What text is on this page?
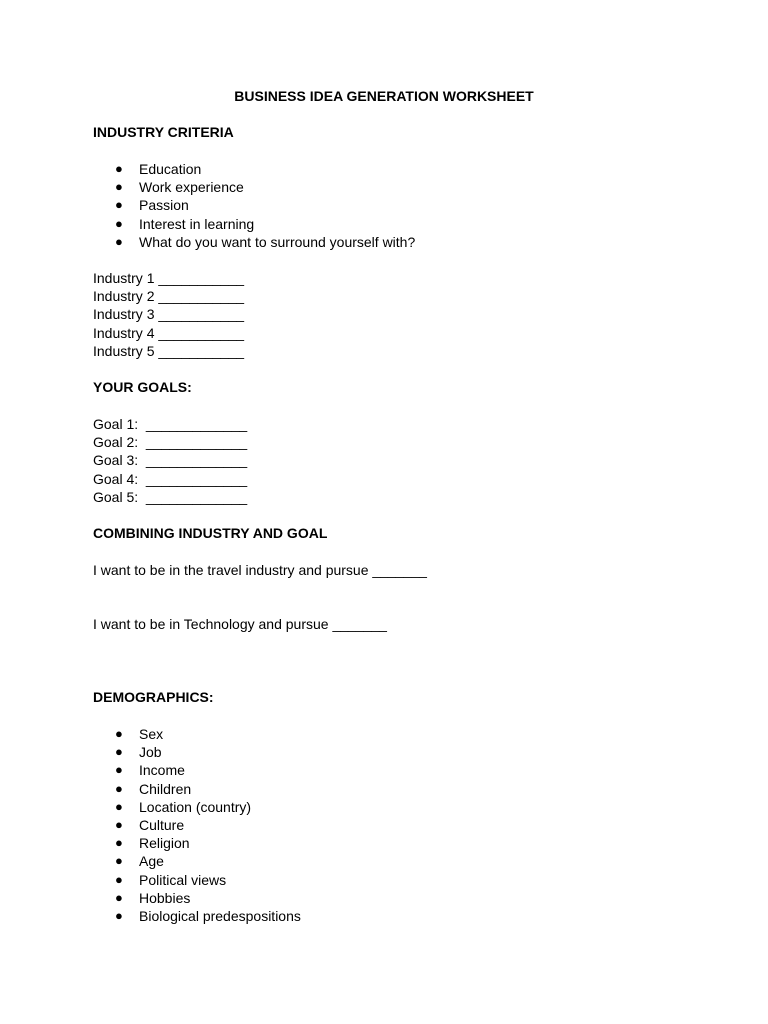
BUSINESS IDEA GENERATION WORKSHEET
INDUSTRY CRITERIA
● Education
● Work experience
● Passion
● Interest in learning
● What do you want to surround yourself with?
Industry 1 ___________
Industry 2 ___________
Industry 3 ___________
Industry 4 ___________
Industry 5 ___________
YOUR GOALS:
Goal 1:  _____________
Goal 2:  _____________
Goal 3:  _____________
Goal 4:  _____________
Goal 5:  _____________
COMBINING INDUSTRY AND GOAL
I want to be in the travel industry and pursue _______
I want to be in Technology and pursue _______
DEMOGRAPHICS:
● Sex
● Job
● Income
● Children
● Location (country)
● Culture
● Religion
● Age
● Political views
● Hobbies
● Biological predespositions
